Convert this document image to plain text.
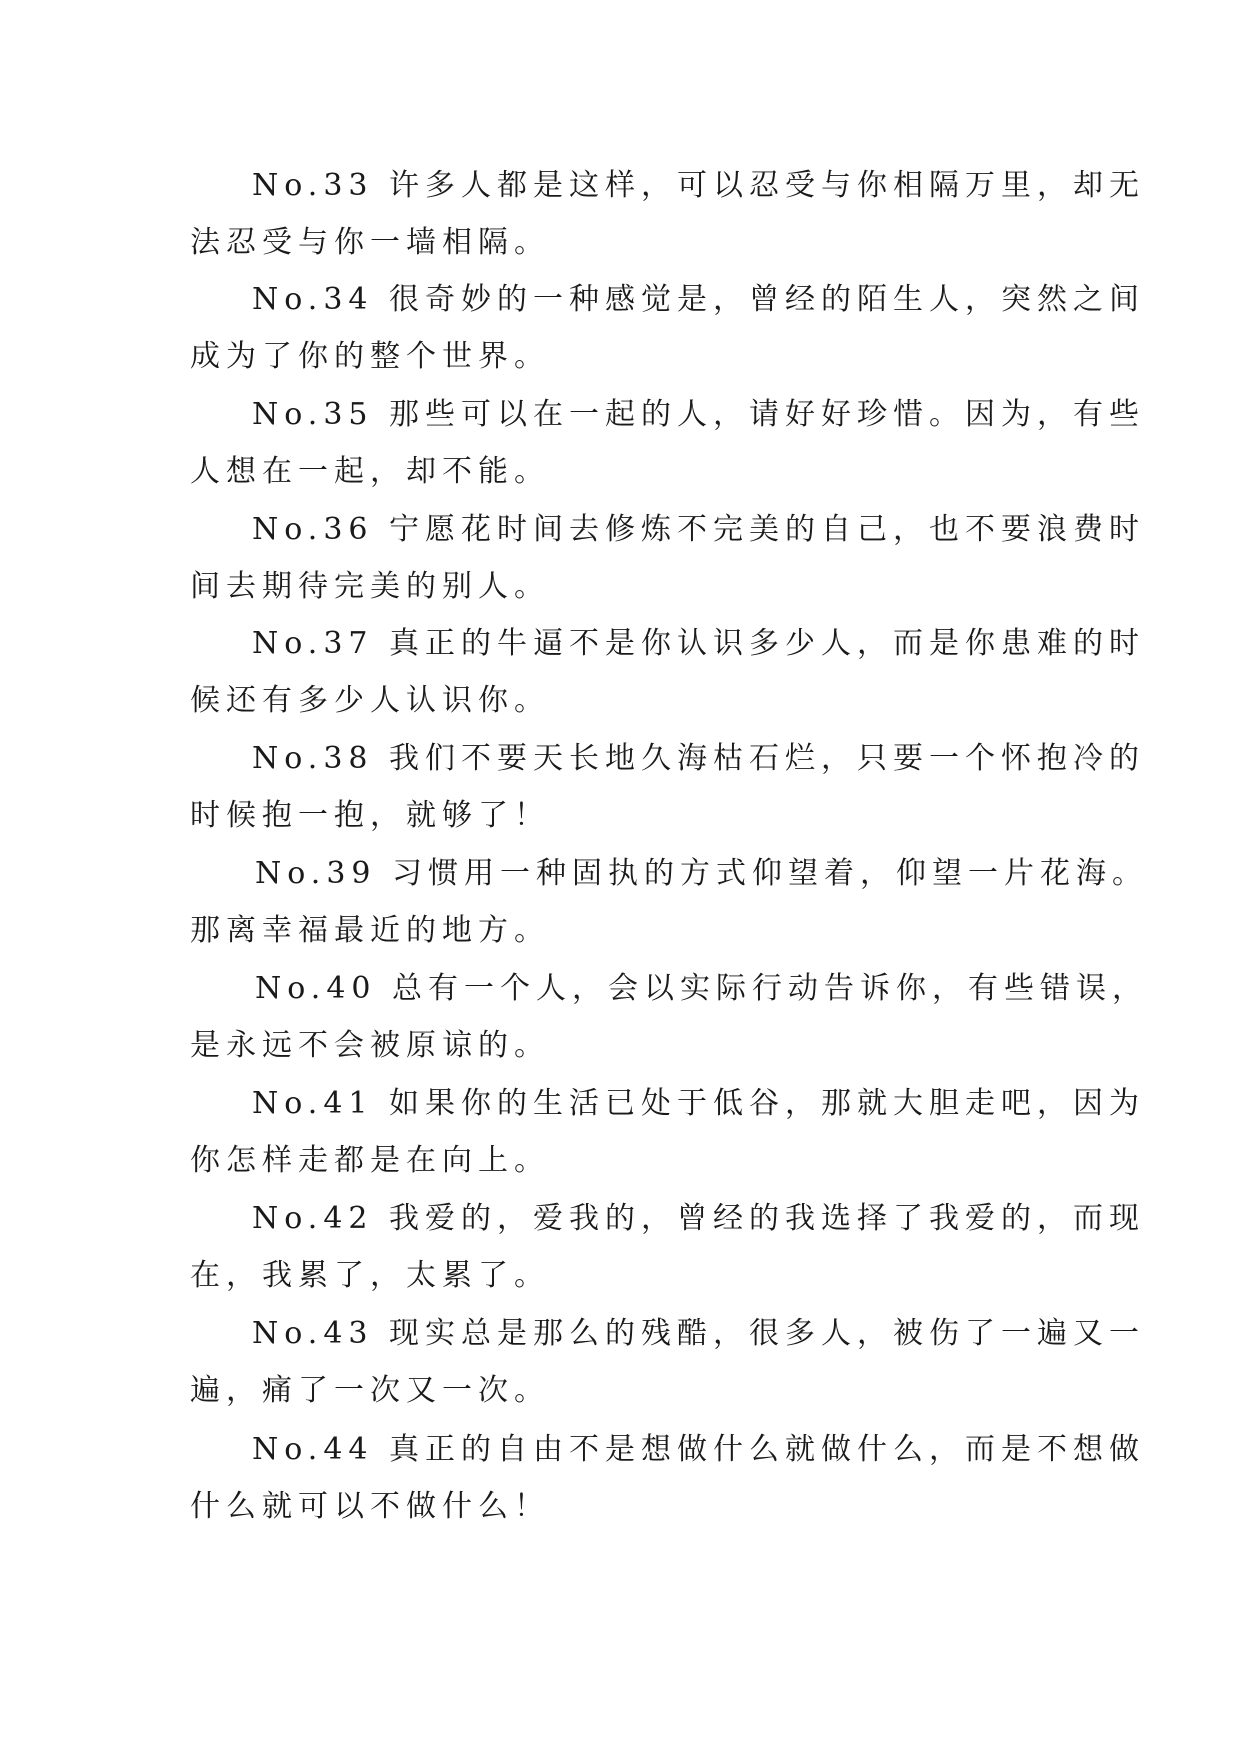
No.33 许多人都是这样，可以忍受与你相隔万里，却无
法忍受与你一墙相隔。
No.34 很奇妙的一种感觉是，曾经的陌生人，突然之间
成为了你的整个世界。
No.35 那些可以在一起的人，请好好珍惜。因为，有些
人想在一起，却不能。
No.36 宁愿花时间去修炼不完美的自己，也不要浪费时
间去期待完美的别人。
No.37 真正的牛逼不是你认识多少人，而是你患难的时
候还有多少人认识你。
No.38 我们不要天长地久海枯石烂，只要一个怀抱冷的
时候抱一抱，就够了！
No.39 习惯用一种固执的方式仰望着，仰望一片花海。
那离幸福最近的地方。
No.40 总有一个人，会以实际行动告诉你，有些错误，
是永远不会被原谅的。
No.41 如果你的生活已处于低谷，那就大胆走吧，因为
你怎样走都是在向上。
No.42 我爱的，爱我的，曾经的我选择了我爱的，而现
在，我累了，太累了。
No.43 现实总是那么的残酷，很多人，被伤了一遍又一
遍，痛了一次又一次。
No.44 真正的自由不是想做什么就做什么，而是不想做
什么就可以不做什么！
